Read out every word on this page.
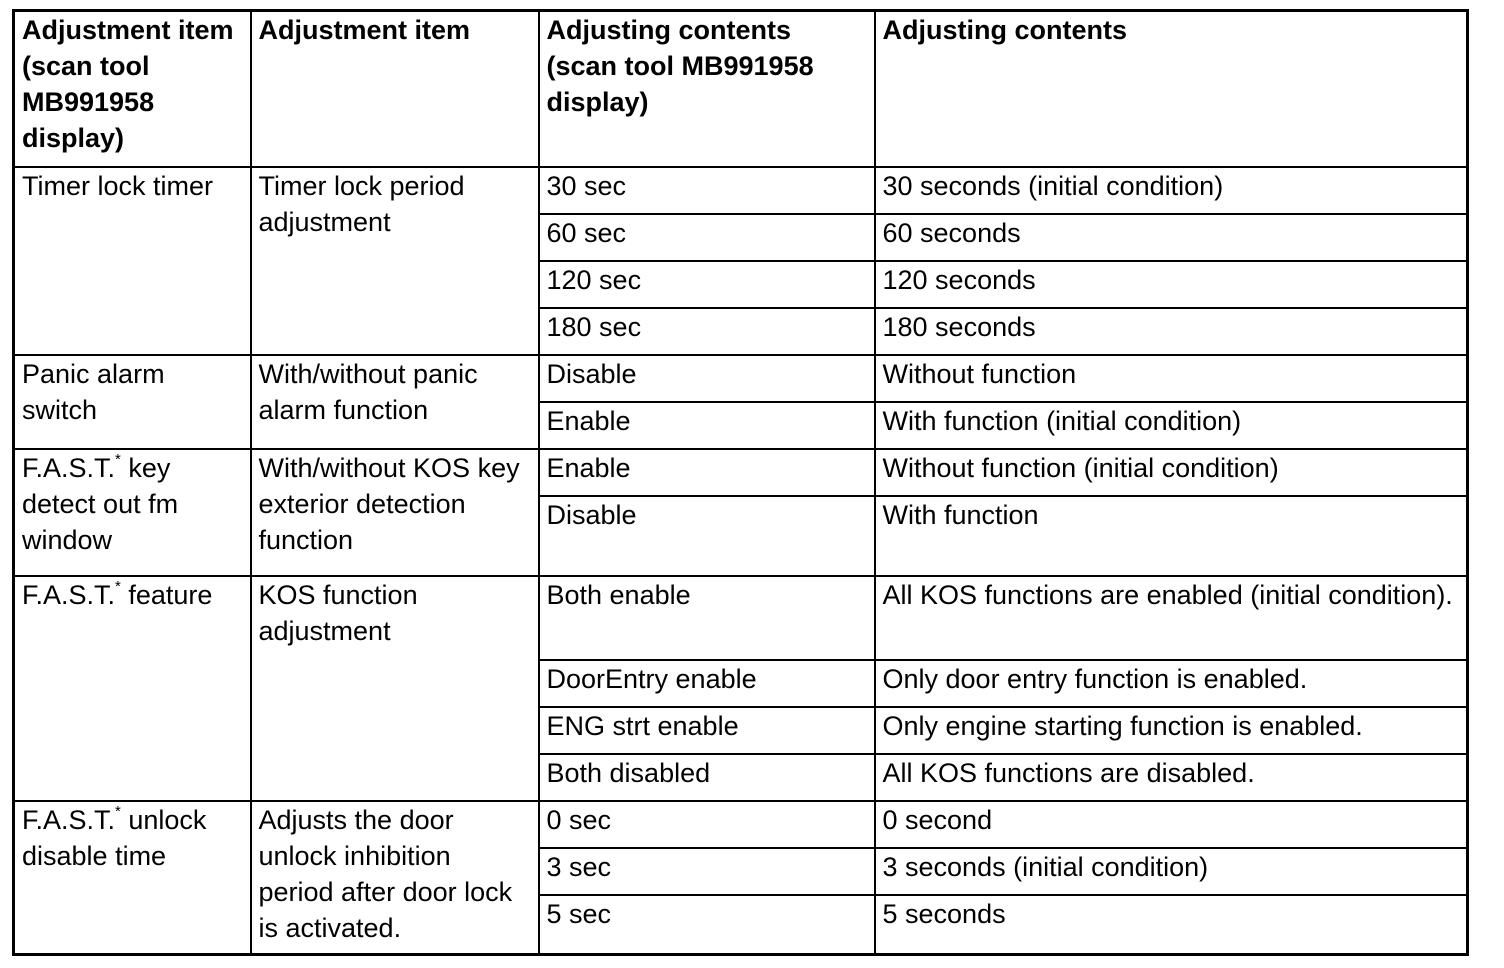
Adjustment item (scan tool MB991958 display)	Adjustment item	Adjusting contents (scan tool MB991958 display)	Adjusting contents
Timer lock timer	Timer lock period adjustment	30 sec	30 seconds (initial condition)
		60 sec	60 seconds
		120 sec	120 seconds
		180 sec	180 seconds
Panic alarm switch	With/without panic alarm function	Disable	Without function
		Enable	With function (initial condition)
F.A.S.T.* key detect out fm window	With/without KOS key exterior detection function	Enable	Without function (initial condition)
		Disable	With function
F.A.S.T.* feature	KOS function adjustment	Both enable	All KOS functions are enabled (initial condition).
		DoorEntry enable	Only door entry function is enabled.
		ENG strt enable	Only engine starting function is enabled.
		Both disabled	All KOS functions are disabled.
F.A.S.T.* unlock disable time	Adjusts the door unlock inhibition period after door lock is activated.	0 sec	0 second
		3 sec	3 seconds (initial condition)
		5 sec	5 seconds
